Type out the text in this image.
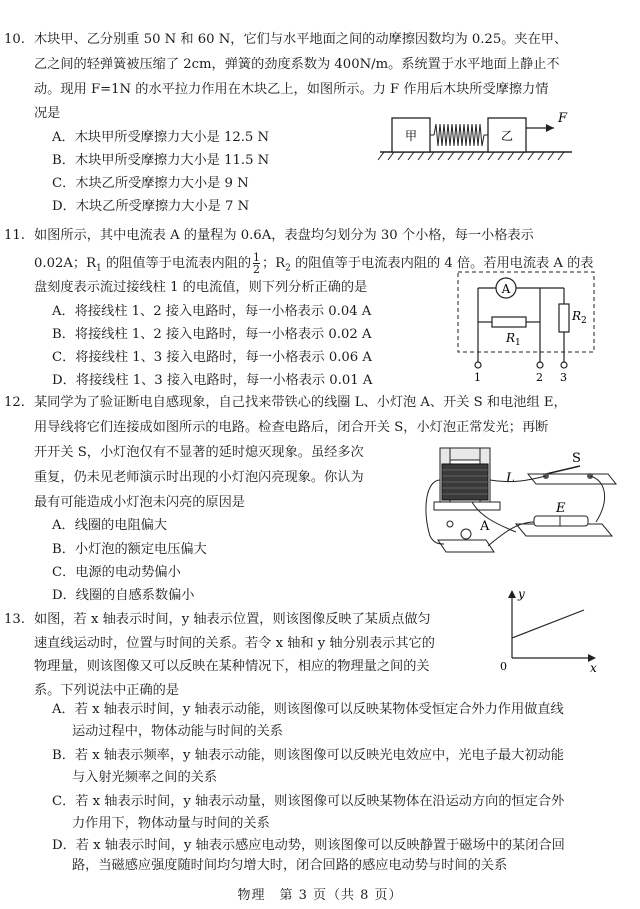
10. 木块甲、乙分别重 50 N 和 60 N，它们与水平地面之间的动摩擦因数均为 0.25。夹在甲、
乙之间的轻弹簧被压缩了 2cm，弹簧的劲度系数为 400N/m。系统置于水平地面上静止不
动。现用 F=1N 的水平拉力作用在木块乙上，如图所示。力 F 作用后木块所受摩擦力情
况是
A．木块甲所受摩擦力大小是 12.5 N
B．木块甲所受摩擦力大小是 11.5 N
C．木块乙所受摩擦力大小是 9 N
D．木块乙所受摩擦力大小是 7 N
甲	乙
F
11. 如图所示，其中电流表 A 的量程为 0.6A，表盘均匀划分为 30 个小格，每一小格表示
0.02A；$R_1$ 的阻值等于电流表内阻的 $\frac{1}{2}$ ；$R_2$ 的阻值等于电流表内阻的 4 倍。若用电流表 A 的表
盘刻度表示流过接线柱 1 的电流值，则下列分析正确的是
A．将接线柱 1、2 接入电路时，每一小格表示 0.04 A
B．将接线柱 1、2 接入电路时，每一小格表示 0.02 A
C．将接线柱 1、3 接入电路时，每一小格表示 0.06 A
D．将接线柱 1、3 接入电路时，每一小格表示 0.01 A
A
$R_1$
$R_2$
1	2 3
12. 某同学为了验证断电自感现象，自己找来带铁心的线圈 L、小灯泡 A、开关 S 和电池组 E，
用导线将它们连接成如图所示的电路。检查电路后，闭合开关 S，小灯泡正常发光；再断
开开关 S，小灯泡仅有不显著的延时熄灭现象。虽经多次
重复，仍未见老师演示时出现的小灯泡闪亮现象。你认为
最有可能造成小灯泡未闪亮的原因是
A．线圈的电阻偏大
B．小灯泡的额定电压偏大
C．电源的电动势偏小
D．线圈的自感系数偏小
L
S
E
A
13. 如图，若 x 轴表示时间，y 轴表示位置，则该图像反映了某质点做匀
速直线运动时，位置与时间的关系。若令 x 轴和 y 轴分别表示其它的
物理量，则该图像又可以反映在某种情况下，相应的物理量之间的关
系。下列说法中正确的是
A．若 x 轴表示时间，y 轴表示动能，则该图像可以反映某物体受恒定合外力作用做直线
运动过程中，物体动能与时间的关系
B．若 x 轴表示频率，y 轴表示动能，则该图像可以反映光电效应中，光电子最大初动能
与入射光频率之间的关系
C．若 x 轴表示时间，y 轴表示动量，则该图像可以反映某物体在沿运动方向的恒定合外
力作用下，物体动量与时间的关系
D．若 x 轴表示时间，y 轴表示感应电动势，则该图像可以反映静置于磁场中的某闭合回
y
x
0
物理　第 3 页（共 8 页）
路，当磁感应强度随时间均匀增大时，闭合回路的感应电动势与时间的关系
